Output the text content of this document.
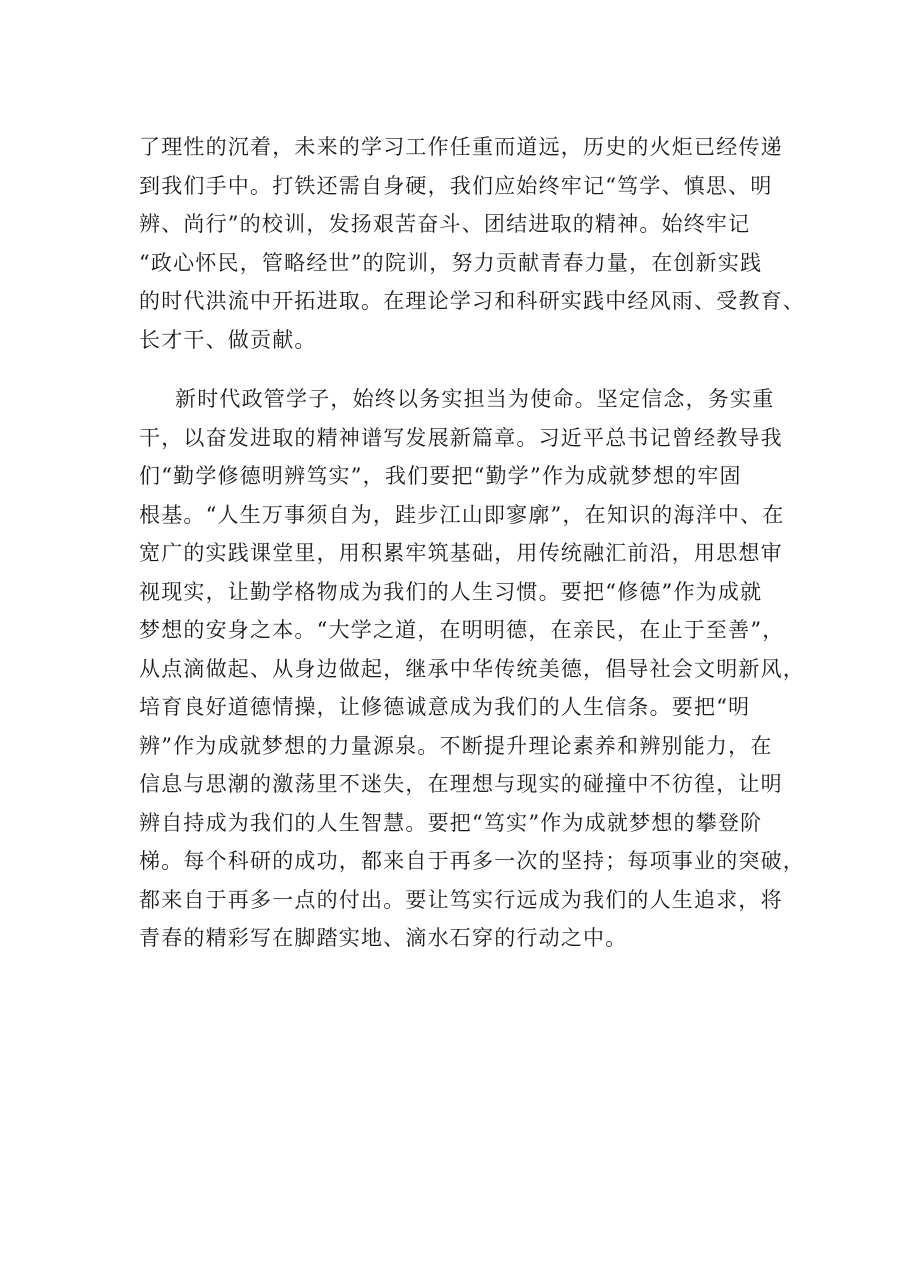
了理性的沉着，未来的学习工作任重而道远，历史的火炬已经传递
到我们手中。打铁还需自身硬，我们应始终牢记“笃学、慎思、明
辨、尚行”的校训，发扬艰苦奋斗、团结进取的精神。始终牢记
“政心怀民，管略经世”的院训，努力贡献青春力量，在创新实践
的时代洪流中开拓进取。在理论学习和科研实践中经风雨、受教育、
长才干、做贡献。
新时代政管学子，始终以务实担当为使命。坚定信念，务实重
干，以奋发进取的精神谱写发展新篇章。习近平总书记曾经教导我
们“勤学修德明辨笃实”，我们要把“勤学”作为成就梦想的牢固
根基。“人生万事须自为，跬步江山即寥廓”，在知识的海洋中、在
宽广的实践课堂里，用积累牢筑基础，用传统融汇前沿，用思想审
视现实，让勤学格物成为我们的人生习惯。要把“修德”作为成就
梦想的安身之本。“大学之道，在明明德，在亲民，在止于至善”，
从点滴做起、从身边做起，继承中华传统美德，倡导社会文明新风，
培育良好道德情操，让修德诚意成为我们的人生信条。要把“明
辨”作为成就梦想的力量源泉。不断提升理论素养和辨别能力，在
信息与思潮的激荡里不迷失，在理想与现实的碰撞中不彷徨，让明
辨自持成为我们的人生智慧。要把“笃实”作为成就梦想的攀登阶
梯。每个科研的成功，都来自于再多一次的坚持；每项事业的突破，
都来自于再多一点的付出。要让笃实行远成为我们的人生追求，将
青春的精彩写在脚踏实地、滴水石穿的行动之中。
